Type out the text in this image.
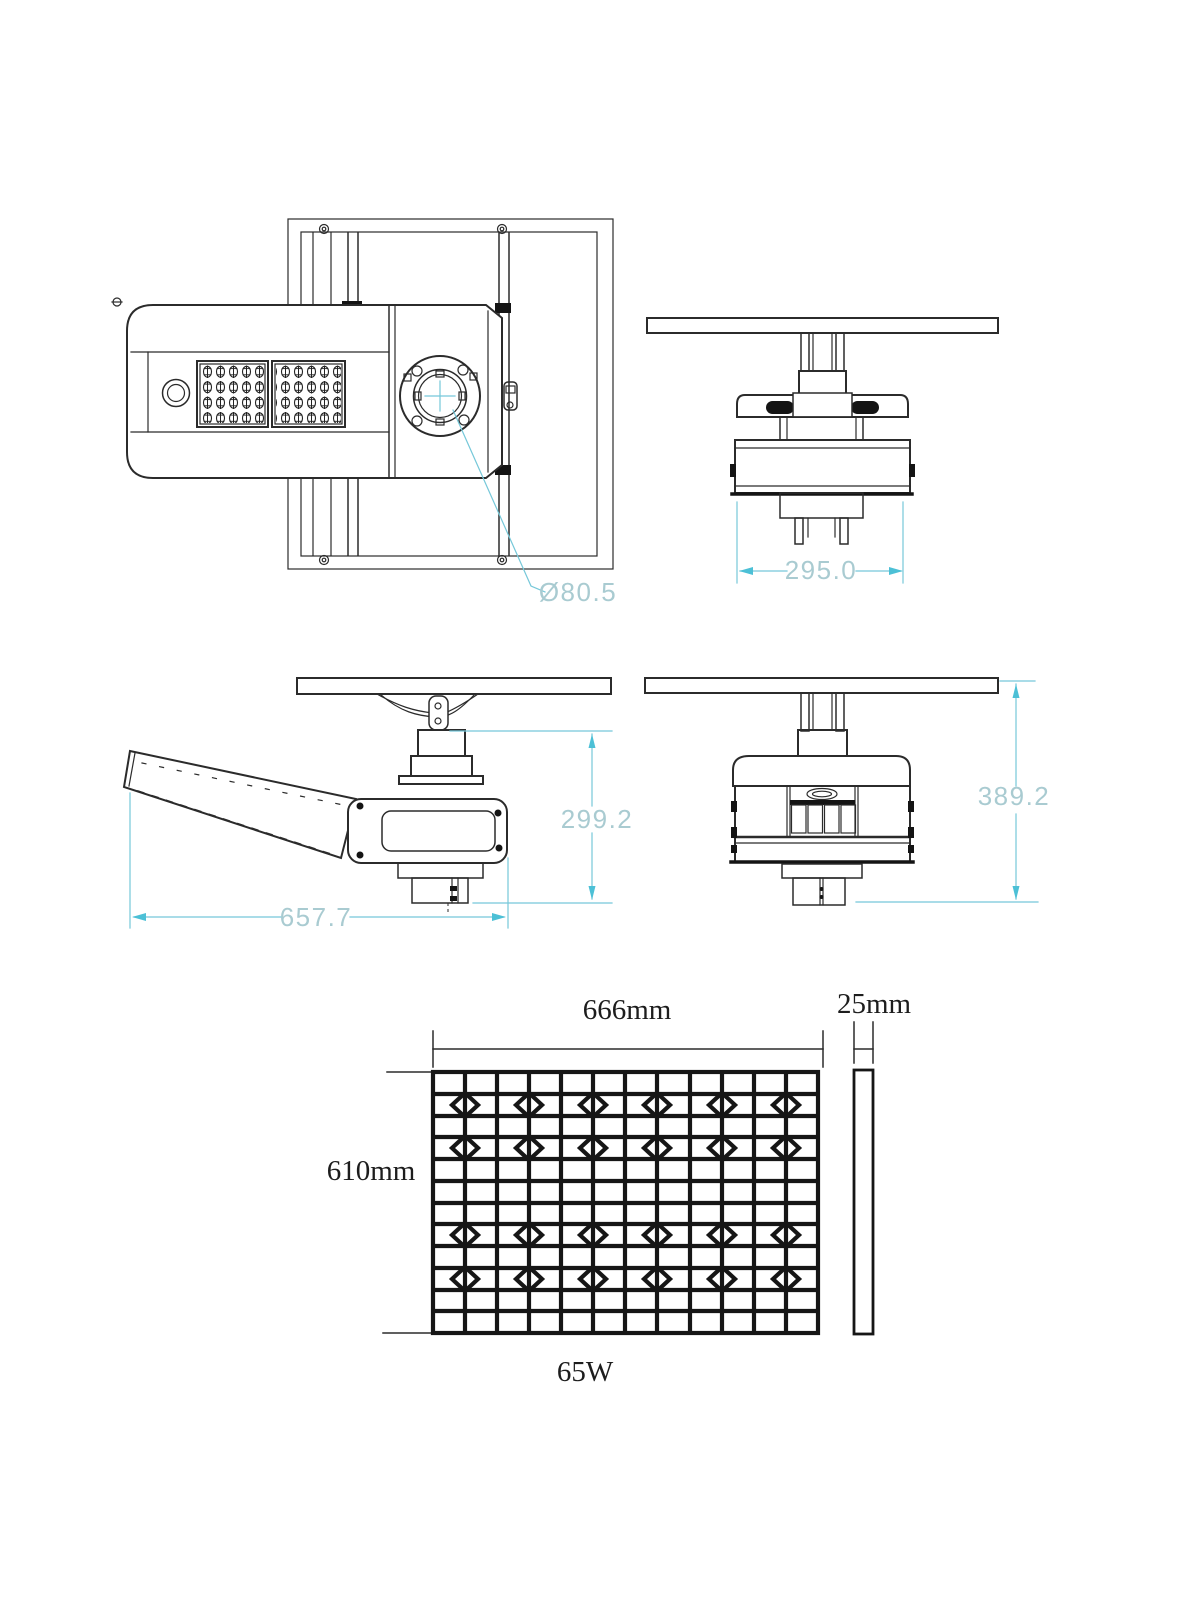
Ø80.5
295.0
299.2
657.7
389.2
666mm	25mm
610mm
65W
